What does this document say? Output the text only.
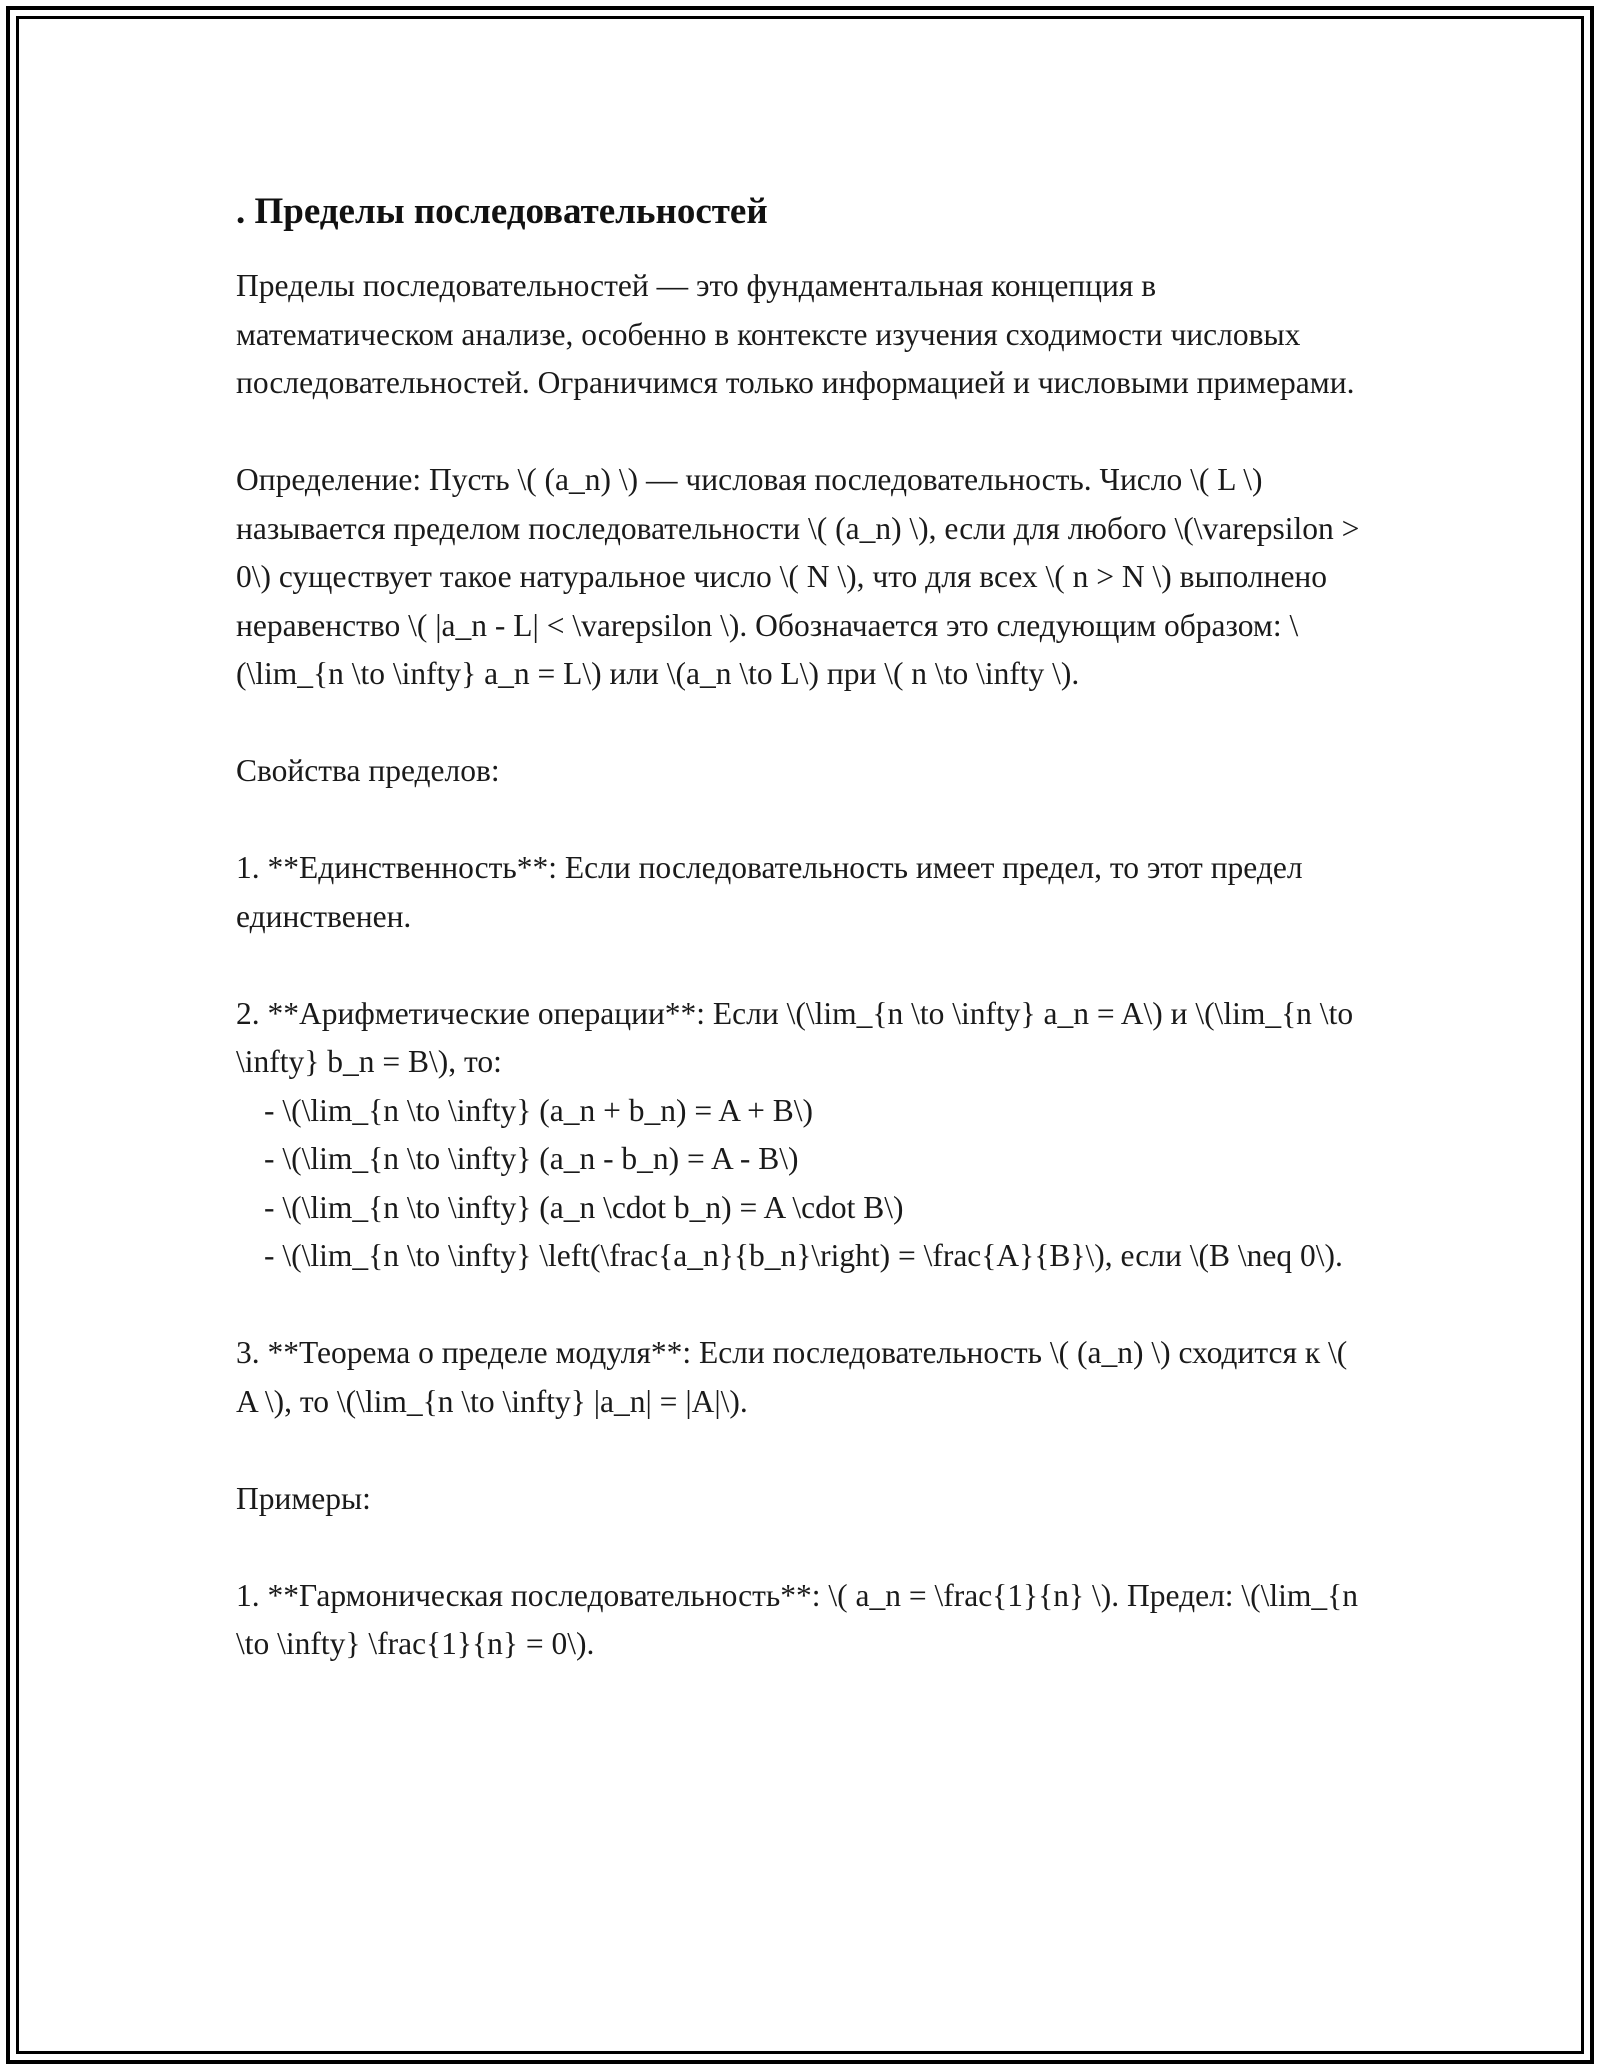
. Пределы последовательностей

Пределы последовательностей — это фундаментальная концепция в математическом анализе, особенно в контексте изучения сходимости числовых последовательностей. Ограничимся только информацией и числовыми примерами.

Определение: Пусть \( (a_n) \) — числовая последовательность. Число \( L \) называется пределом последовательности \( (a_n) \), если для любого \(\varepsilon > 0\) существует такое натуральное число \( N \), что для всех \( n > N \) выполнено неравенство \( |a_n - L| < \varepsilon \). Обозначается это следующим образом: \(\lim_{n \to \infty} a_n = L\) или \(a_n \to L\) при \( n \to \infty \).

Свойства пределов:

1. **Единственность**: Если последовательность имеет предел, то этот предел единственен.

2. **Арифметические операции**: Если \(\lim_{n \to \infty} a_n = A\) и \(\lim_{n \to \infty} b_n = B\), то:

- \(\lim_{n \to \infty} (a_n + b_n) = A + B\)

- \(\lim_{n \to \infty} (a_n - b_n) = A - B\)

- \(\lim_{n \to \infty} (a_n \cdot b_n) = A \cdot B\)

- \(\lim_{n \to \infty} \left(\frac{a_n}{b_n}\right) = \frac{A}{B}\), если \(B \neq 0\).

3. **Теорема о пределе модуля**: Если последовательность \( (a_n) \) сходится к \( A \), то \(\lim_{n \to \infty} |a_n| = |A|\).

Примеры:

1. **Гармоническая последовательность**: \( a_n = \frac{1}{n} \). Предел: \(\lim_{n \to \infty} \frac{1}{n} = 0\).
